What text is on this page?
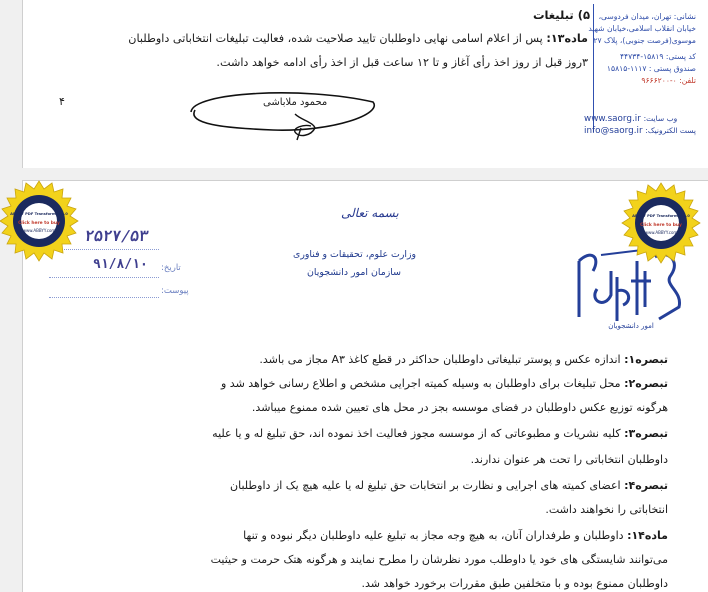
۵) تبلیغات
ماده۱۳: پس از اعلام اسامی نهایی داوطلبان تایید صلاحیت شده، فعالیت تبلیغات انتخاباتی داوطلبان
۳روز قبل از روز اخذ رأی آغاز و تا ۱۲ ساعت قبل از اخذ رأی ادامه خواهد داشت.
۴	محمود ملاباشی
نشانی: تهران، میدان فردوسی،
خیابان انقلاب اسلامی،خیابان شهید
موسوی(فرصت جنوبی)، پلاک ۲۷
کد پستی: ۱۵۸۱۹-۴۴۷۳۴
صندوق پستی : ۱۱۱۷-۱۵۸۱۵
تلفن: ۰-۹۶۶۶۲۰۰
www.saorg.ir وب سایت:
info@saorg.ir پست الکترونیک:
بسمه تعالی
وزارت علوم، تحقیقات و فناوری
سازمان امور دانشجویان
۲۵۲۷/۵۳
۹۱/۸/۱۰ تاریخ:
پیوست:
امور دانشجویان
تبصره۱: اندازه عکس و پوستر تبلیغاتی داوطلبان حداکثر در قطع کاغذ A۳ مجاز می باشد.
تبصره۲: محل تبلیغات برای داوطلبان به وسیله کمیته اجرایی مشخص و اطلاع رسانی خواهد شد و
هرگونه توزیع عکس داوطلبان در فضای موسسه بجز در محل های تعیین شده ممنوع میباشد.
تبصره۳: کلیه نشریات و مطبوعاتی که از موسسه مجوز فعالیت اخذ نموده اند، حق تبلیغ له و یا علیه
داوطلبان انتخاباتی را تحت هر عنوان ندارند.
تبصره۴: اعضای کمیته های اجرایی و نظارت بر انتخابات حق تبلیغ له یا علیه هیچ یک از داوطلبان
انتخاباتی را نخواهند داشت.
ماده۱۴: داوطلبان و طرفداران آنان، به هیچ وجه مجاز به تبلیغ علیه داوطلبان دیگر نبوده و تنها
می‌توانند شایستگی های خود یا داوطلب مورد نظرشان را مطرح نمایند و هرگونه هتک حرمت و حیثیت
داوطلبان ممنوع بوده و با متخلفین طبق مقررات برخورد خواهد شد.
ABBYY PDF Transformer 2.0
Click here to buy
www.ABBYY.com
ABBYY PDF Transformer 2.0
Click here to buy
www.ABBYY.com
